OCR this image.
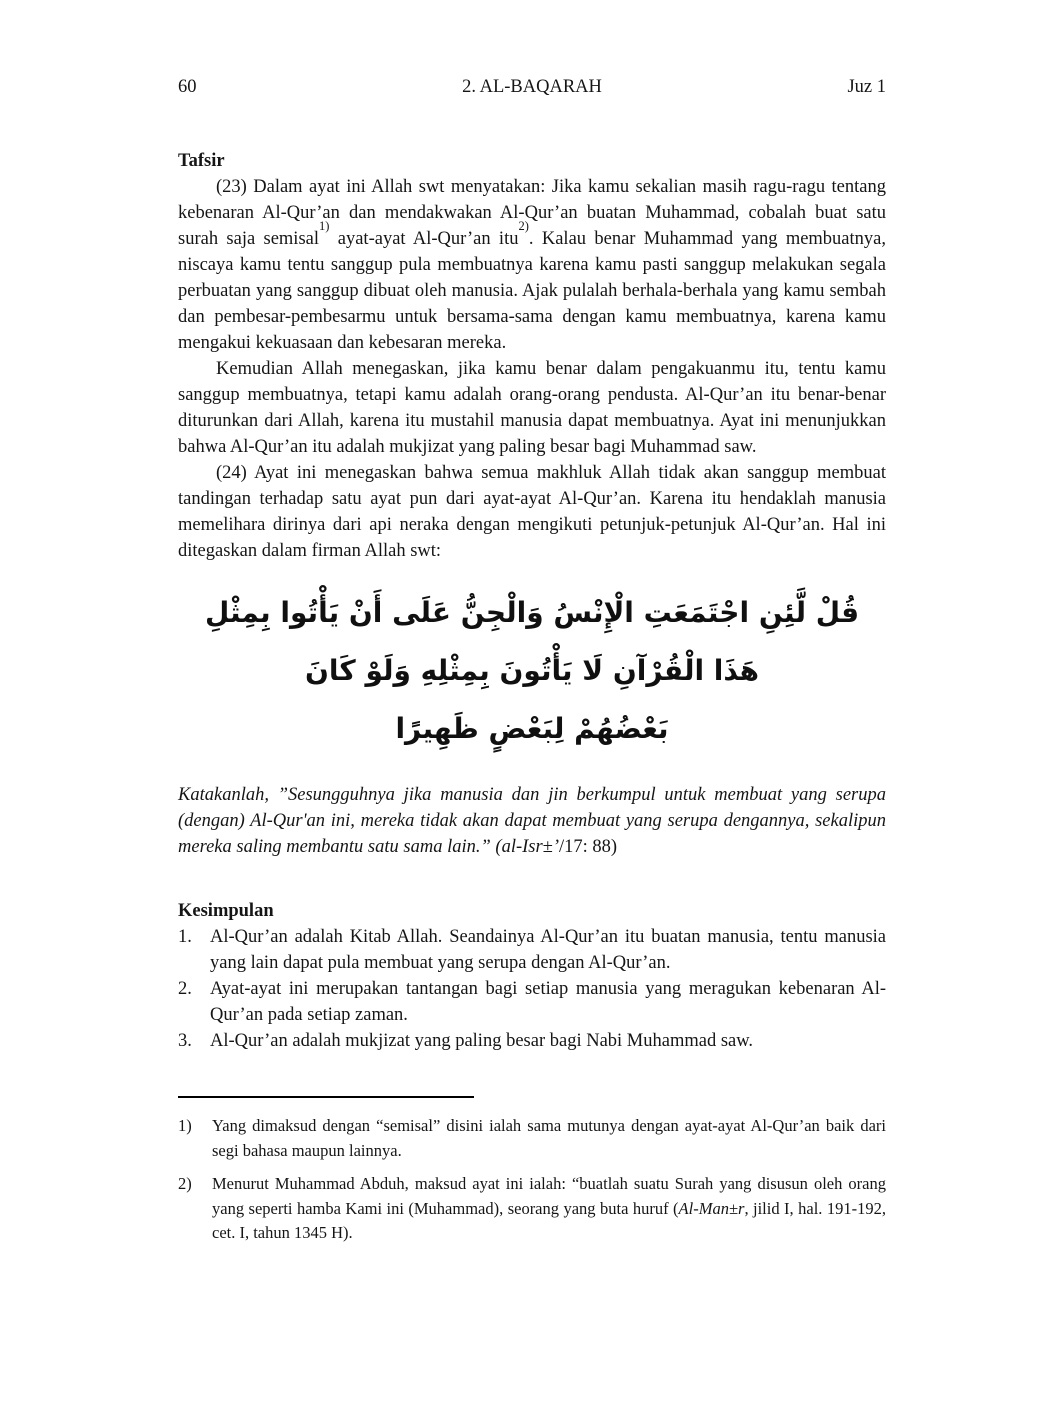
60	2. AL-BAQARAH	Juz 1
Tafsir

(23) Dalam ayat ini Allah swt menyatakan: Jika kamu sekalian masih ragu-ragu tentang kebenaran Al-Qur’an dan mendakwakan Al-Qur’an buatan Muhammad, cobalah buat satu surah saja semisal$^{1)}$ ayat-ayat Al-Qur’an itu$^{2)}$. Kalau benar Muhammad yang membuatnya, niscaya kamu tentu sanggup pula membuatnya karena kamu pasti sanggup melakukan segala perbuatan yang sanggup dibuat oleh manusia. Ajak pulalah berhala-berhala yang kamu sembah dan pembesar-pembesarmu untuk bersama-sama dengan kamu membuatnya, karena kamu mengakui kekuasaan dan kebesaran mereka.

Kemudian Allah menegaskan, jika kamu benar dalam pengakuanmu itu, tentu kamu sanggup membuatnya, tetapi kamu adalah orang-orang pendusta. Al-Qur’an itu benar-benar diturunkan dari Allah, karena itu mustahil manusia dapat membuatnya. Ayat ini menunjukkan bahwa Al-Qur’an itu adalah mukjizat yang paling besar bagi Muhammad saw.

(24) Ayat ini menegaskan bahwa semua makhluk Allah tidak akan sanggup membuat tandingan terhadap satu ayat pun dari ayat-ayat Al-Qur’an. Karena itu hendaklah manusia memelihara dirinya dari api neraka dengan mengikuti petunjuk-petunjuk Al-Qur’an. Hal ini ditegaskan dalam firman Allah swt:

قُلْ لَّئِنِ اجْتَمَعَتِ الْإِنْسُ وَالْجِنُّ عَلَى أَنْ يَأْتُوا بِمِثْلِ هَذَا الْقُرْآنِ لَا يَأْتُونَ بِمِثْلِهِ وَلَوْ كَانَ
بَعْضُهُمْ لِبَعْضٍ ظَهِيرًا

Katakanlah, ”Sesungguhnya jika manusia dan jin berkumpul untuk membuat yang serupa (dengan) Al-Qur'an ini, mereka tidak akan dapat membuat yang serupa dengannya, sekalipun mereka saling membantu satu sama lain.” (al-Isr±’/17: 88)

Kesimpulan
1. Al-Qur’an adalah Kitab Allah. Seandainya Al-Qur’an itu buatan manusia, tentu manusia yang lain dapat pula membuat yang serupa dengan Al-Qur’an.
2. Ayat-ayat ini merupakan tantangan bagi setiap manusia yang meragukan kebenaran Al-Qur’an pada setiap zaman.
3. Al-Qur’an adalah mukjizat yang paling besar bagi Nabi Muhammad saw.
1)	Yang dimaksud dengan “semisal” disini ialah sama mutunya dengan ayat-ayat Al-Qur’an baik dari segi bahasa maupun lainnya.
2)	Menurut Muhammad Abduh, maksud ayat ini ialah: “buatlah suatu Surah yang disusun oleh orang yang seperti hamba Kami ini (Muhammad), seorang yang buta huruf (Al-Man±r, jilid I, hal. 191-192, cet. I, tahun 1345 H).
